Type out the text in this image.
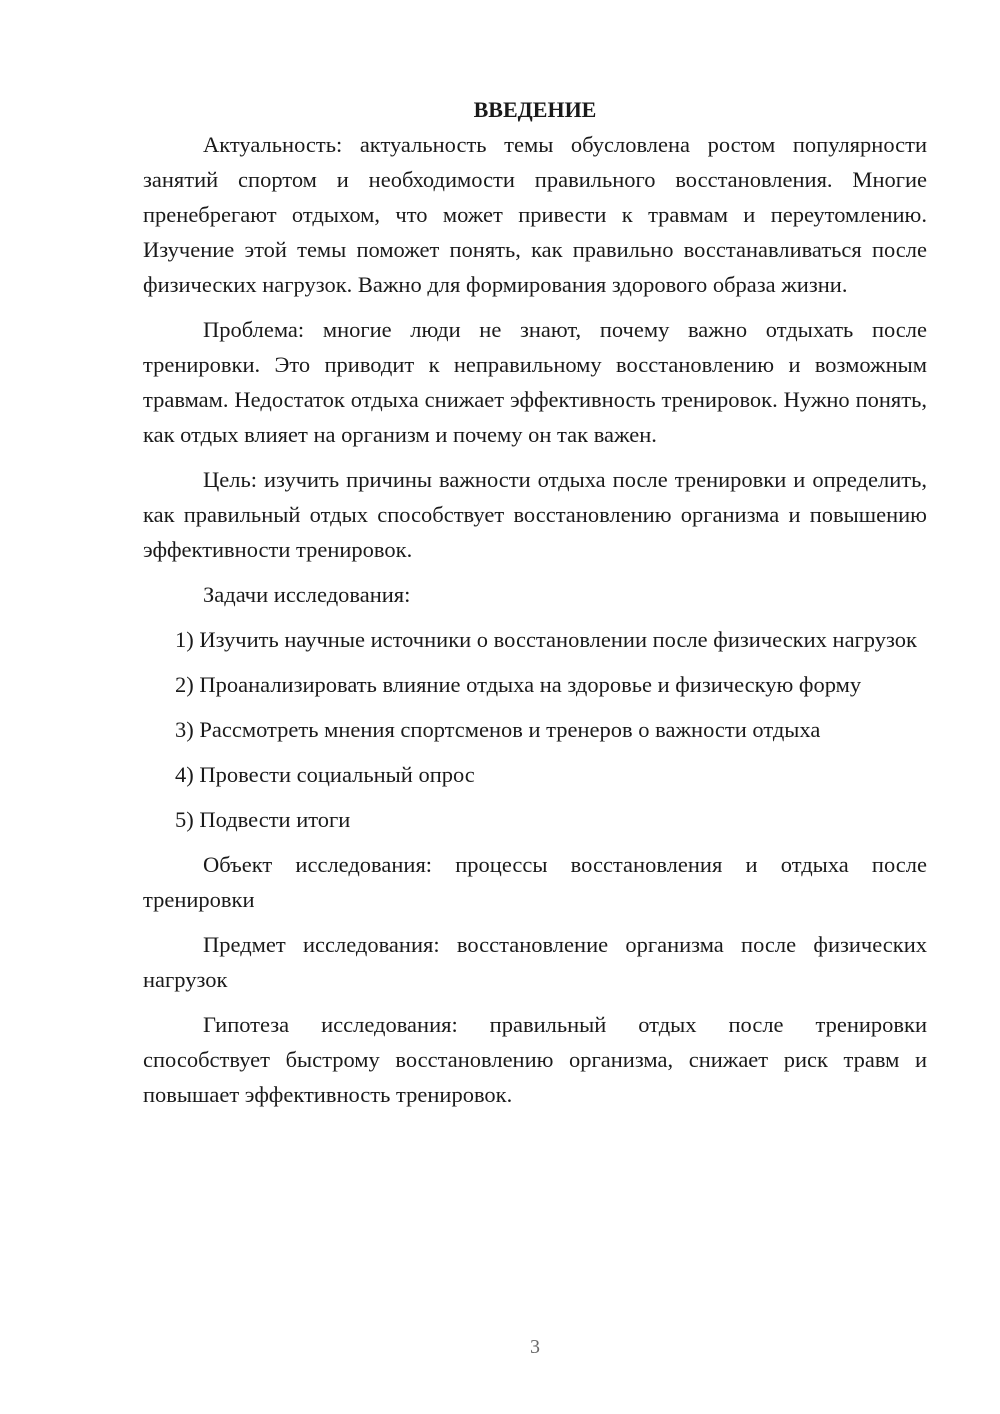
ВВЕДЕНИЕ

Актуальность: актуальность темы обусловлена ростом популярности занятий спортом и необходимости правильного восстановления. Многие пренебрегают отдыхом, что может привести к травмам и переутомлению. Изучение этой темы поможет понять, как правильно восстанавливаться после физических нагрузок. Важно для формирования здорового образа жизни.

Проблема: многие люди не знают, почему важно отдыхать после тренировки. Это приводит к неправильному восстановлению и возможным травмам. Недостаток отдыха снижает эффективность тренировок. Нужно понять, как отдых влияет на организм и почему он так важен.

Цель: изучить причины важности отдыха после тренировки и определить, как правильный отдых способствует восстановлению организма и повышению эффективности тренировок.

Задачи исследования:

1) Изучить научные источники о восстановлении после физических нагрузок

2) Проанализировать влияние отдыха на здоровье и физическую форму

3) Рассмотреть мнения спортсменов и тренеров о важности отдыха

4) Провести социальный опрос

5) Подвести итоги

Объект исследования: процессы восстановления и отдыха после тренировки

Предмет исследования: восстановление организма после физических нагрузок

Гипотеза исследования: правильный отдых после тренировки способствует быстрому восстановлению организма, снижает риск травм и повышает эффективность тренировок.

3
